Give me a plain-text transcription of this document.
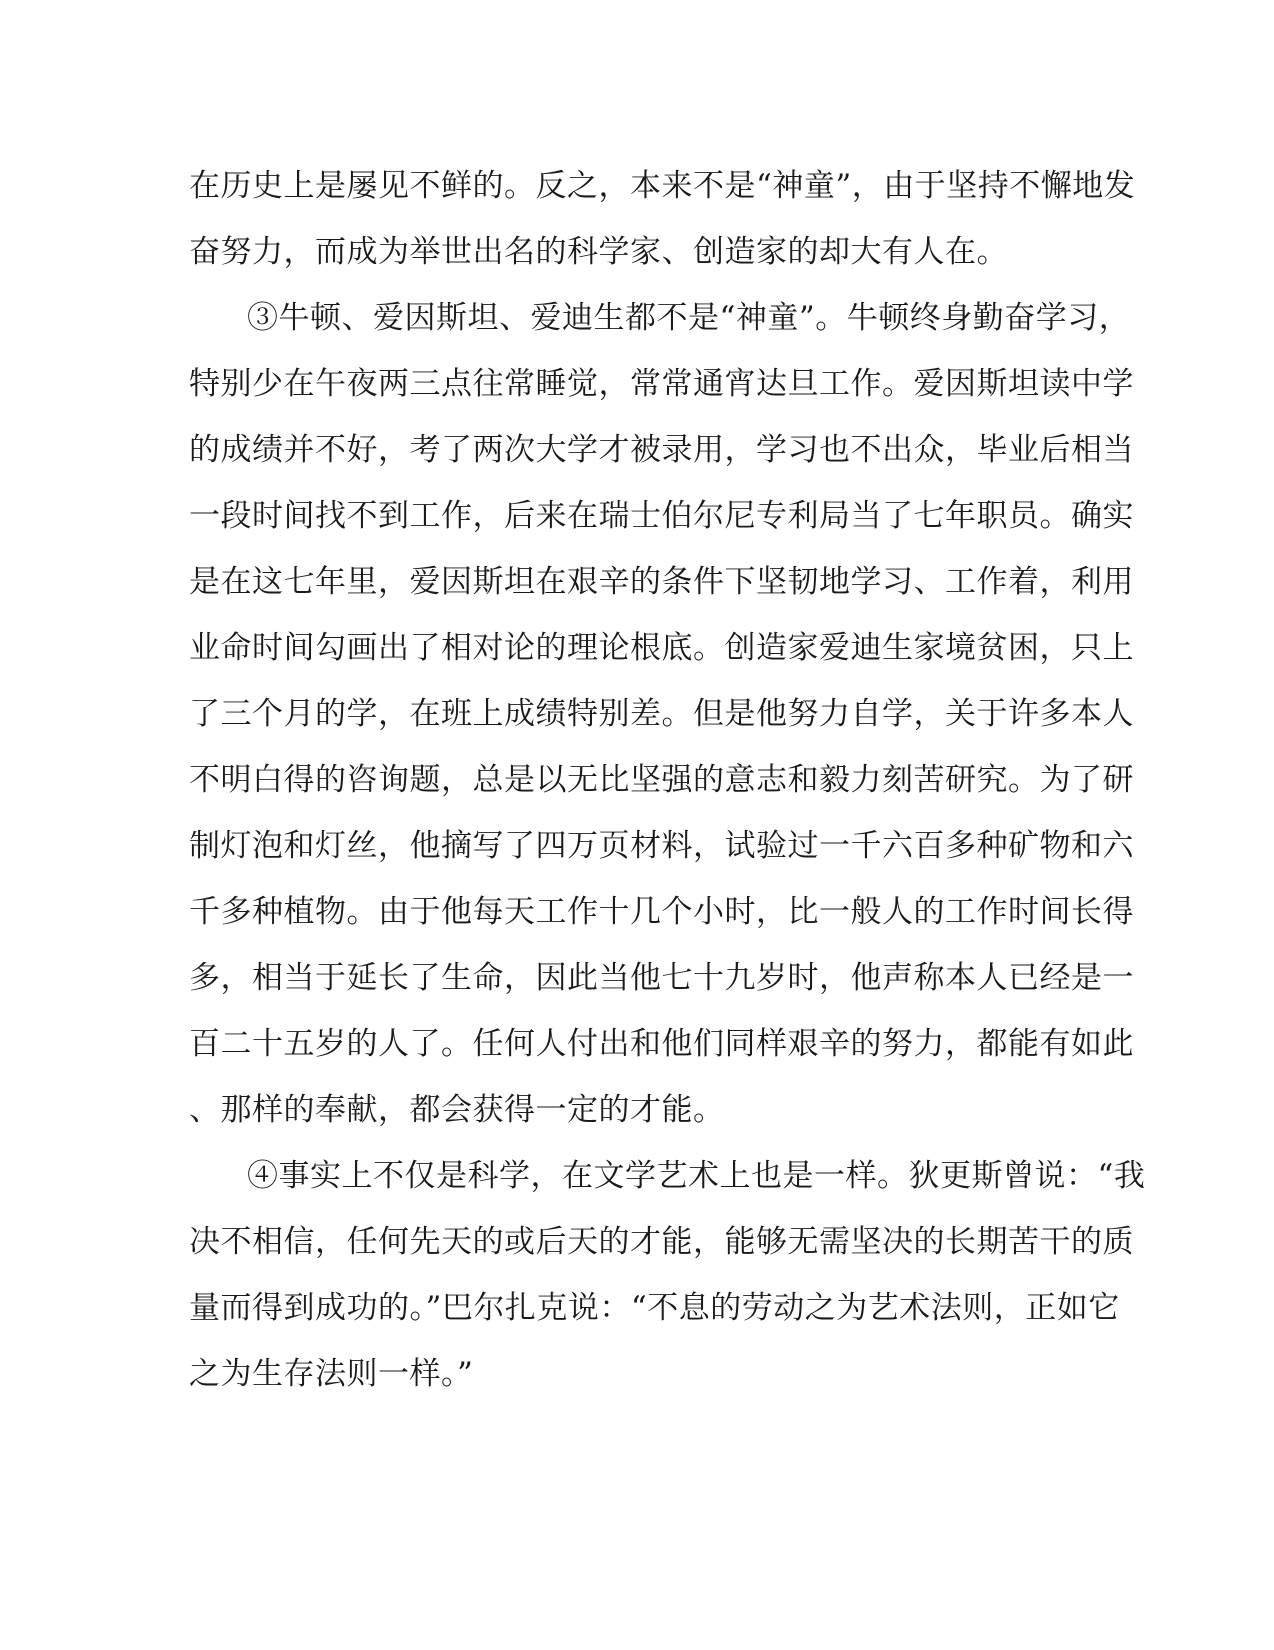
在历史上是屡见不鲜的。反之，本来不是“神童”，由于坚持不懈地发
奋努力，而成为举世出名的科学家、创造家的却大有人在。
③牛顿、爱因斯坦、爱迪生都不是“神童”。牛顿终身勤奋学习，
特别少在午夜两三点往常睡觉，常常通宵达旦工作。爱因斯坦读中学
的成绩并不好，考了两次大学才被录用，学习也不出众，毕业后相当
一段时间找不到工作，后来在瑞士伯尔尼专利局当了七年职员。确实
是在这七年里，爱因斯坦在艰辛的条件下坚韧地学习、工作着，利用
业命时间勾画出了相对论的理论根底。创造家爱迪生家境贫困，只上
了三个月的学，在班上成绩特别差。但是他努力自学，关于许多本人
不明白得的咨询题，总是以无比坚强的意志和毅力刻苦研究。为了研
制灯泡和灯丝，他摘写了四万页材料，试验过一千六百多种矿物和六
千多种植物。由于他每天工作十几个小时，比一般人的工作时间长得
多，相当于延长了生命，因此当他七十九岁时，他声称本人已经是一
百二十五岁的人了。任何人付出和他们同样艰辛的努力，都能有如此
、那样的奉献，都会获得一定的才能。
④事实上不仅是科学，在文学艺术上也是一样。狄更斯曾说：“我
决不相信，任何先天的或后天的才能，能够无需坚决的长期苦干的质
量而得到成功的。”巴尔扎克说：“不息的劳动之为艺术法则，正如它
之为生存法则一样。”
